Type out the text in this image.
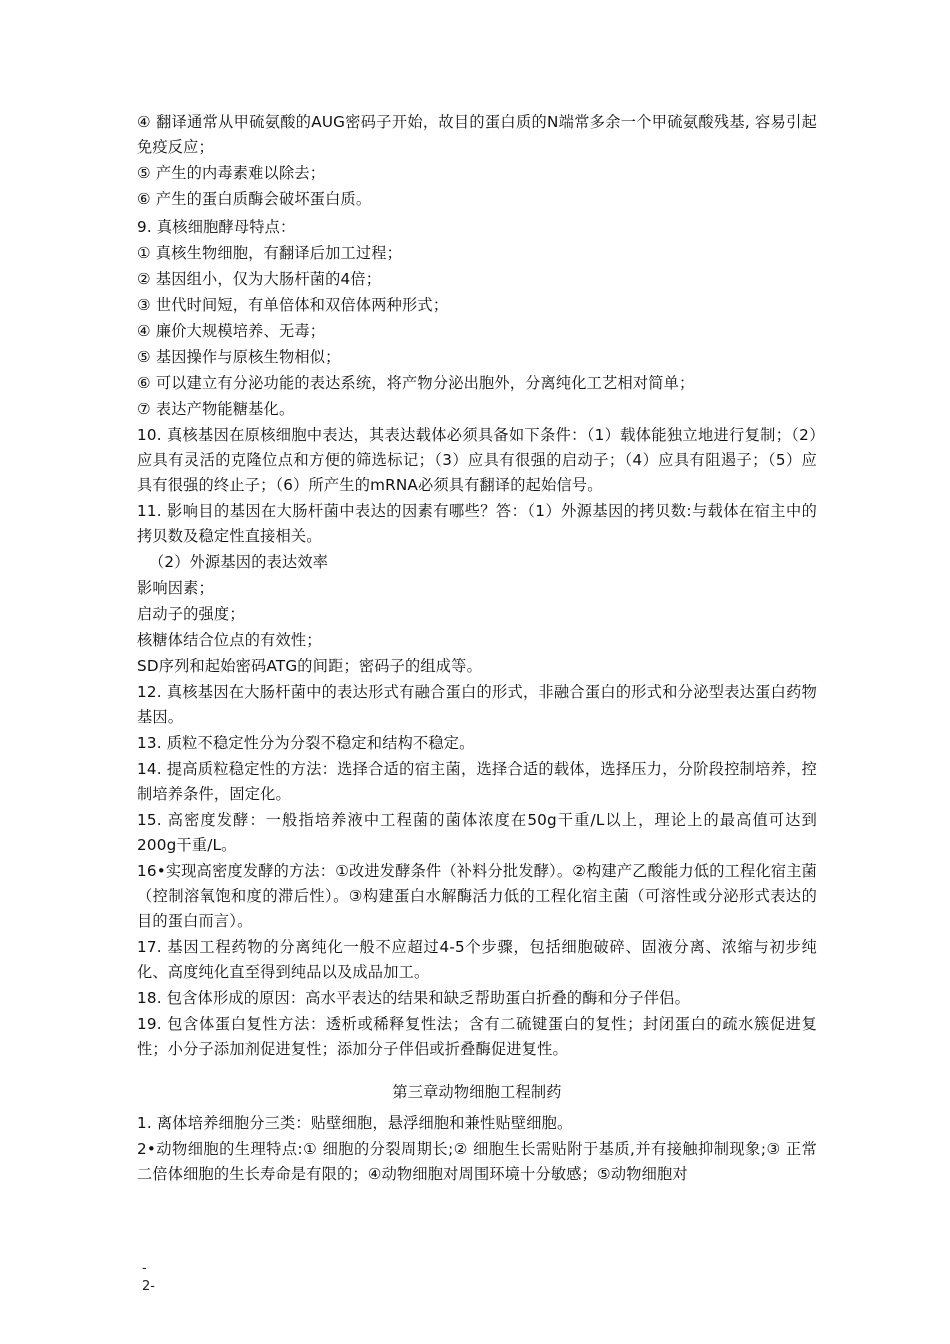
④ 翻译通常从甲硫氨酸的AUG密码子开始，故目的蛋白质的N端常多余一个甲硫氨酸残基, 容易引起免疫反应；

⑤ 产生的内毒素难以除去；

⑥ 产生的蛋白质酶会破坏蛋白质。

9. 真核细胞酵母特点：

① 真核生物细胞，有翻译后加工过程；

② 基因组小，仅为大肠杆菌的4倍；

③ 世代时间短，有单倍体和双倍体两种形式；

④ 廉价大规模培养、无毒；

⑤ 基因操作与原核生物相似；

⑥ 可以建立有分泌功能的表达系统，将产物分泌出胞外，分离纯化工艺相对简单；

⑦ 表达产物能糖基化。

10. 真核基因在原核细胞中表达，其表达载体必须具备如下条件：（1）载体能独立地进行复制；（2）应具有灵活的克隆位点和方便的筛选标记；（3）应具有很强的启动子；（4）应具有阻遏子；（5）应具有很强的终止子；（6）所产生的mRNA必须具有翻译的起始信号。

11. 影响目的基因在大肠杆菌中表达的因素有哪些？答：（1）外源基因的拷贝数:与载体在宿主中的拷贝数及稳定性直接相关。

（2）外源基因的表达效率

影响因素；

启动子的强度；

核糖体结合位点的有效性；

SD序列和起始密码ATG的间距；密码子的组成等。

12. 真核基因在大肠杆菌中的表达形式有融合蛋白的形式，非融合蛋白的形式和分泌型表达蛋白药物基因。

13. 质粒不稳定性分为分裂不稳定和结构不稳定。

14. 提高质粒稳定性的方法：选择合适的宿主菌，选择合适的载体，选择压力，分阶段控制培养，控制培养条件，固定化。

15. 高密度发酵：一般指培养液中工程菌的菌体浓度在50g干重/L以上，理论上的最高值可达到200g干重/L。

16•实现高密度发酵的方法：①改进发酵条件（补料分批发酵）。②构建产乙酸能力低的工程化宿主菌（控制溶氧饱和度的滞后性）。③构建蛋白水解酶活力低的工程化宿主菌（可溶性或分泌形式表达的目的蛋白而言）。

17. 基因工程药物的分离纯化一般不应超过4-5个步骤，包括细胞破碎、固液分离、浓缩与初步纯化、高度纯化直至得到纯品以及成品加工。

18. 包含体形成的原因：高水平表达的结果和缺乏帮助蛋白折叠的酶和分子伴侣。

19. 包含体蛋白复性方法：透析或稀释复性法；含有二硫键蛋白的复性；封闭蛋白的疏水簇促进复性；小分子添加剂促进复性；添加分子伴侣或折叠酶促进复性。

第三章动物细胞工程制药

1. 离体培养细胞分三类：贴壁细胞，悬浮细胞和兼性贴壁细胞。

2•动物细胞的生理特点:① 细胞的分裂周期长;② 细胞生长需贴附于基质,并有接触抑制现象;③ 正常二倍体细胞的生长寿命是有限的；④动物细胞对周围环境十分敏感；⑤动物细胞对

-
2-
